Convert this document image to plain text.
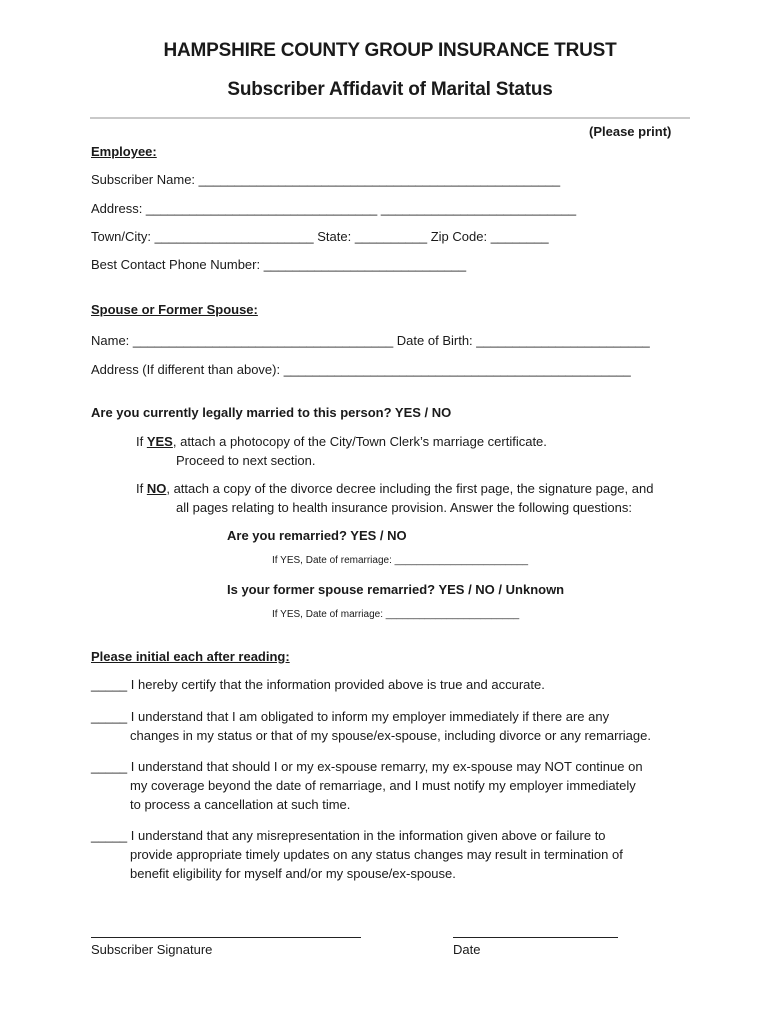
HAMPSHIRE COUNTY GROUP INSURANCE TRUST
Subscriber Affidavit of Marital Status
(Please print)
Employee:
Subscriber Name: __________________________________________________
Address: ________________________________ ___________________________
Town/City: ______________________ State: __________ Zip Code: ________
Best Contact Phone Number: ____________________________
Spouse or Former Spouse:
Name: ____________________________________ Date of Birth: ________________________
Address (If different than above): ________________________________________________
Are you currently legally married to this person? YES / NO
If YES, attach a photocopy of the City/Town Clerk’s marriage certificate.
Proceed to next section.
If NO, attach a copy of the divorce decree including the first page, the signature page, and
all pages relating to health insurance provision. Answer the following questions:
Are you remarried? YES / NO
If YES, Date of remarriage: ________________________
Is your former spouse remarried? YES / NO / Unknown
If YES, Date of marriage: ________________________
Please initial each after reading:
_____ I hereby certify that the information provided above is true and accurate.
_____ I understand that I am obligated to inform my employer immediately if there are any
changes in my status or that of my spouse/ex-spouse, including divorce or any remarriage.
_____ I understand that should I or my ex-spouse remarry, my ex-spouse may NOT continue on
my coverage beyond the date of remarriage, and I must notify my employer immediately
to process a cancellation at such time.
_____ I understand that any misrepresentation in the information given above or failure to
provide appropriate timely updates on any status changes may result in termination of
benefit eligibility for myself and/or my spouse/ex-spouse.
Subscriber Signature	Date
